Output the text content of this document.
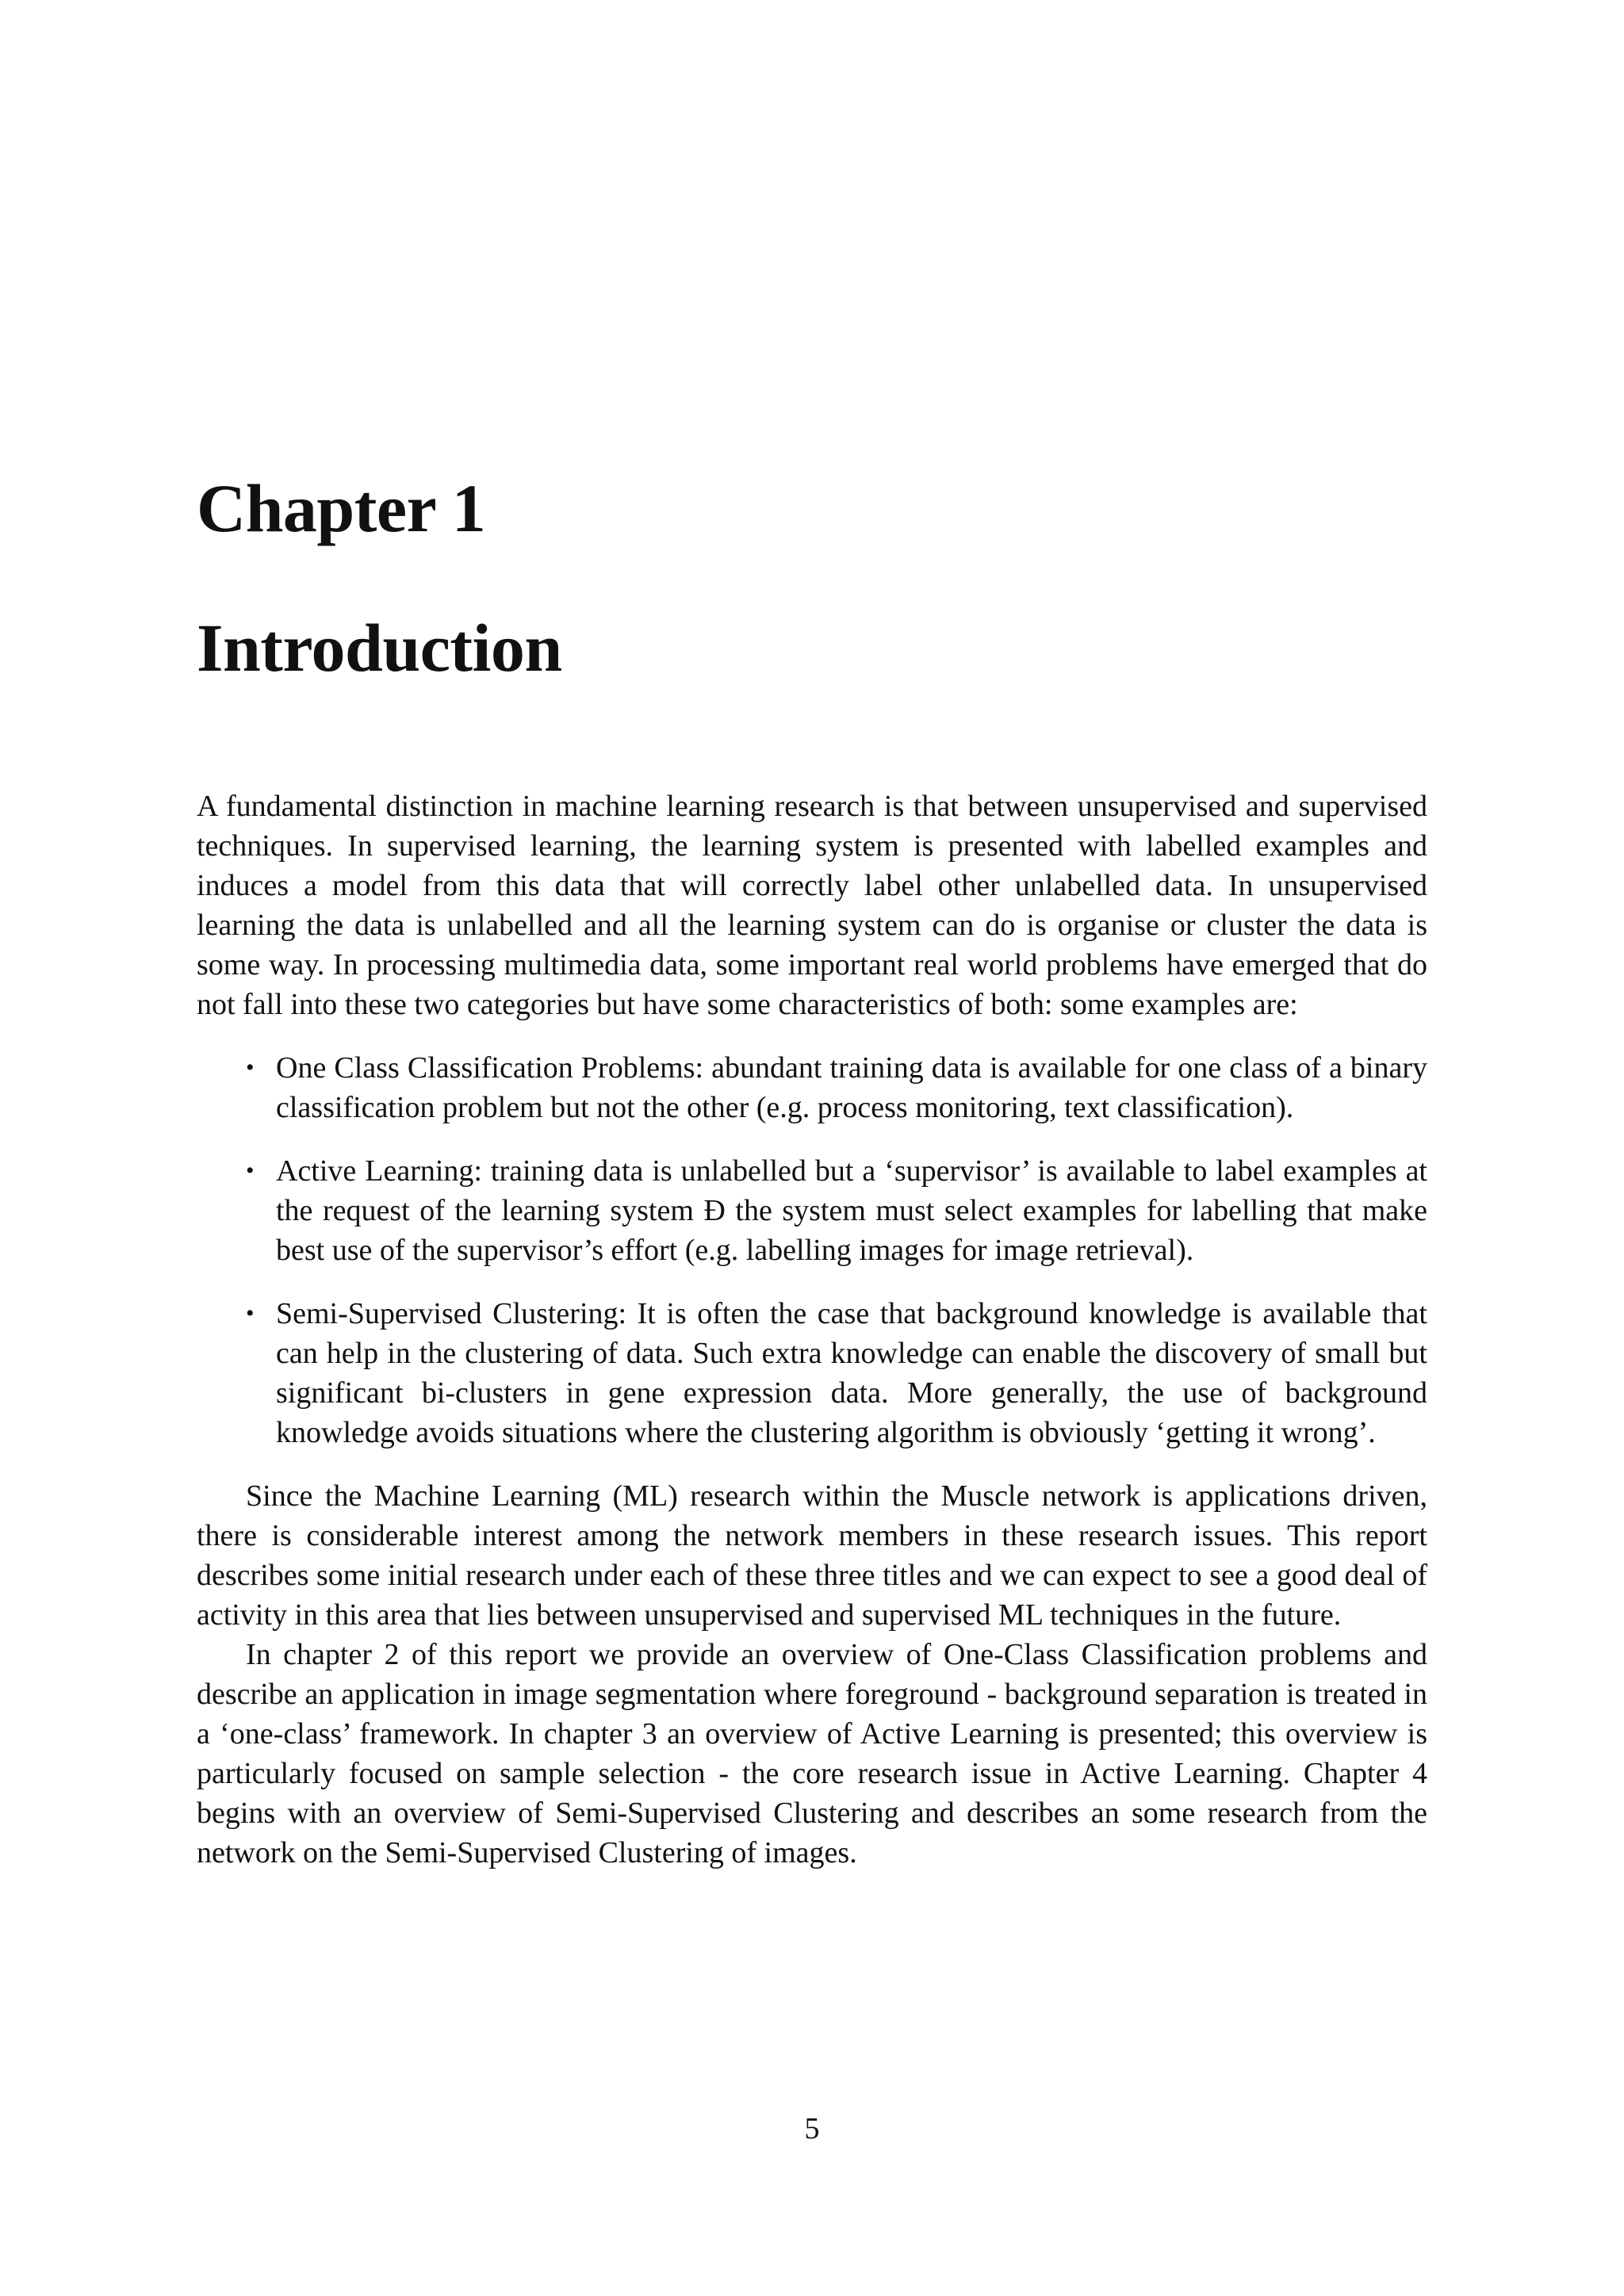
Chapter 1
Introduction

A fundamental distinction in machine learning research is that between unsupervised and supervised techniques. In supervised learning, the learning system is presented with labelled examples and induces a model from this data that will correctly label other unlabelled data. In unsupervised learning the data is unlabelled and all the learning system can do is organise or cluster the data is some way. In processing multimedia data, some important real world problems have emerged that do not fall into these two categories but have some characteristics of both: some examples are:

• One Class Classification Problems: abundant training data is available for one class of a binary classification problem but not the other (e.g. process monitoring, text classification).
• Active Learning: training data is unlabelled but a ‘supervisor’ is available to label examples at the request of the learning system Ð the system must select examples for labelling that make best use of the supervisor’s effort (e.g. labelling images for image retrieval).
• Semi-Supervised Clustering: It is often the case that background knowledge is available that can help in the clustering of data. Such extra knowledge can enable the discovery of small but significant bi-clusters in gene expression data. More generally, the use of background knowledge avoids situations where the clustering algorithm is obviously ‘getting it wrong’.

Since the Machine Learning (ML) research within the Muscle network is applications driven, there is considerable interest among the network members in these research issues. This report describes some initial research under each of these three titles and we can expect to see a good deal of activity in this area that lies between unsupervised and supervised ML techniques in the future.

In chapter 2 of this report we provide an overview of One-Class Classification problems and describe an application in image segmentation where foreground - background separation is treated in a ‘one-class’ framework. In chapter 3 an overview of Active Learning is presented; this overview is particularly focused on sample selection - the core research issue in Active Learning. Chapter 4 begins with an overview of Semi-Supervised Clustering and describes an some research from the network on the Semi-Supervised Clustering of images.

5
